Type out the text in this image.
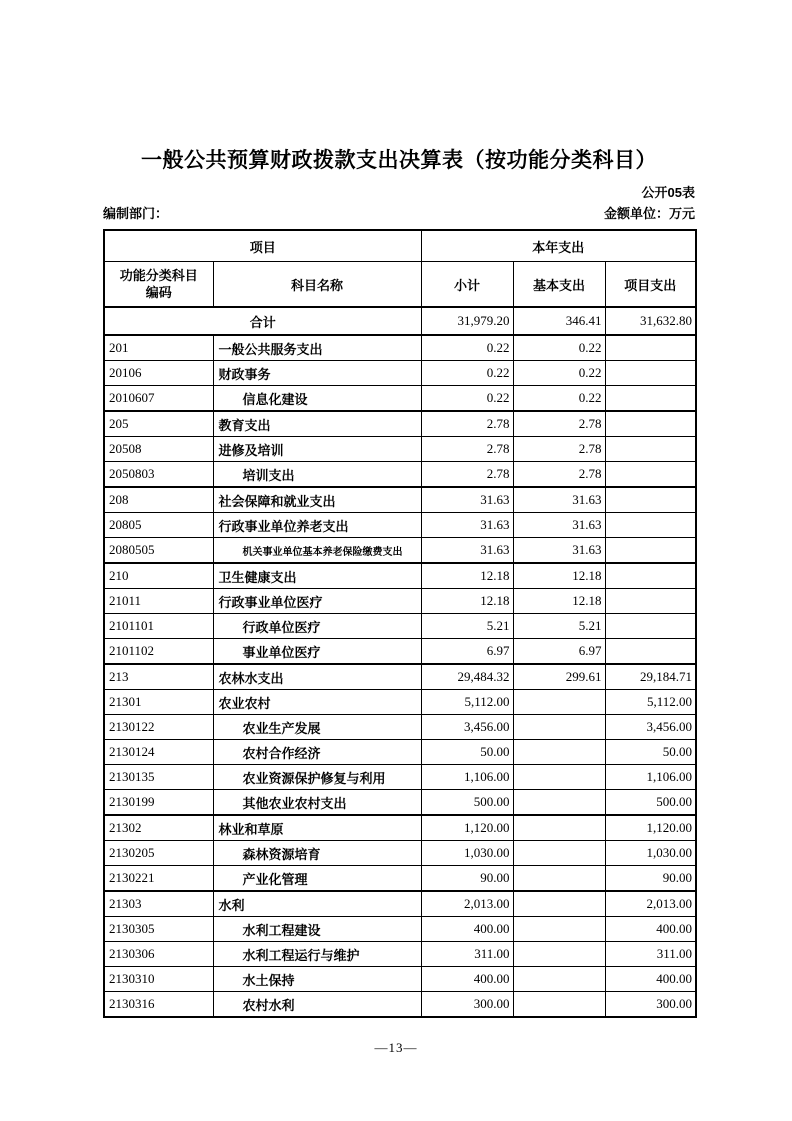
一般公共预算财政拨款支出决算表（按功能分类科目）
公开05表
编制部门：	金额单位：万元
项目		本年支出		
功能分类科目编码	科目名称	小计	基本支出	项目支出
合计		31,979.20	346.41	31,632.80
201	一般公共服务支出	0.22	0.22	
20106	财政事务	0.22	0.22	
2010607	信息化建设	0.22	0.22	
205	教育支出	2.78	2.78	
20508	进修及培训	2.78	2.78	
2050803	培训支出	2.78	2.78	
208	社会保障和就业支出	31.63	31.63	
20805	行政事业单位养老支出	31.63	31.63	
2080505	机关事业单位基本养老保险缴费支出	31.63	31.63	
210	卫生健康支出	12.18	12.18	
21011	行政事业单位医疗	12.18	12.18	
2101101	行政单位医疗	5.21	5.21	
2101102	事业单位医疗	6.97	6.97	
213	农林水支出	29,484.32	299.61	29,184.71
21301	农业农村	5,112.00		5,112.00
2130122	农业生产发展	3,456.00		3,456.00
2130124	农村合作经济	50.00		50.00
2130135	农业资源保护修复与利用	1,106.00		1,106.00
2130199	其他农业农村支出	500.00		500.00
21302	林业和草原	1,120.00		1,120.00
2130205	森林资源培育	1,030.00		1,030.00
2130221	产业化管理	90.00		90.00
21303	水利	2,013.00		2,013.00
2130305	水利工程建设	400.00		400.00
2130306	水利工程运行与维护	311.00		311.00
2130310	水土保持	400.00		400.00
2130316	农村水利	300.00		300.00
—13—
